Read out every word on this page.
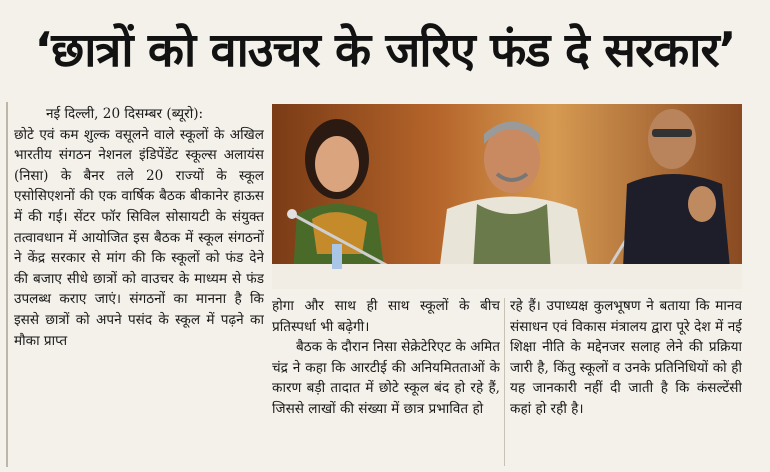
‘छात्रों को वाउचर के जरिए फंड दे सरकार’

नई दिल्ली, 20 दिसम्बर (ब्यूरो):

छोटे एवं कम शुल्क वसूलने वाले स्कूलों के अखिल भारतीय संगठन नेशनल इंडिपेंडेंट स्कूल्स अलायंस (निसा) के बैनर तले 20 राज्यों के स्कूल एसोसिएशनों की एक वार्षिक बैठक बीकानेर हाऊस में की गई। सेंटर फॉर सिविल सोसायटी के संयुक्त तत्वावधान में आयोजित इस बैठक में स्कूल संगठनों ने केंद्र सरकार से मांग की कि स्कूलों को फंड देने की बजाए सीधे छात्रों को वाउचर के माध्यम से फंड उपलब्ध कराए जाएं। संगठनों का मानना है कि इससे छात्रों को अपने पसंद के स्कूल में पढ़ने का मौका प्राप्त

होगा और साथ ही साथ स्कूलों के बीच प्रतिस्पर्धा भी बढ़ेगी।

बैठक के दौरान निसा सेक्रेटेरिएट के अमित चंद्र ने कहा कि आरटीई की अनियमितताओं के कारण बड़ी तादात में छोटे स्कूल बंद हो रहे हैं, जिससे लाखों की संख्या में छात्र प्रभावित हो

रहे हैं। उपाध्यक्ष कुलभूषण ने बताया कि मानव संसाधन एवं विकास मंत्रालय द्वारा पूरे देश में नई शिक्षा नीति के मद्देनजर सलाह लेने की प्रक्रिया जारी है, किंतु स्कूलों व उनके प्रतिनिधियों को ही यह जानकारी नहीं दी जाती है कि कंसल्टेंसी कहां हो रही है।
